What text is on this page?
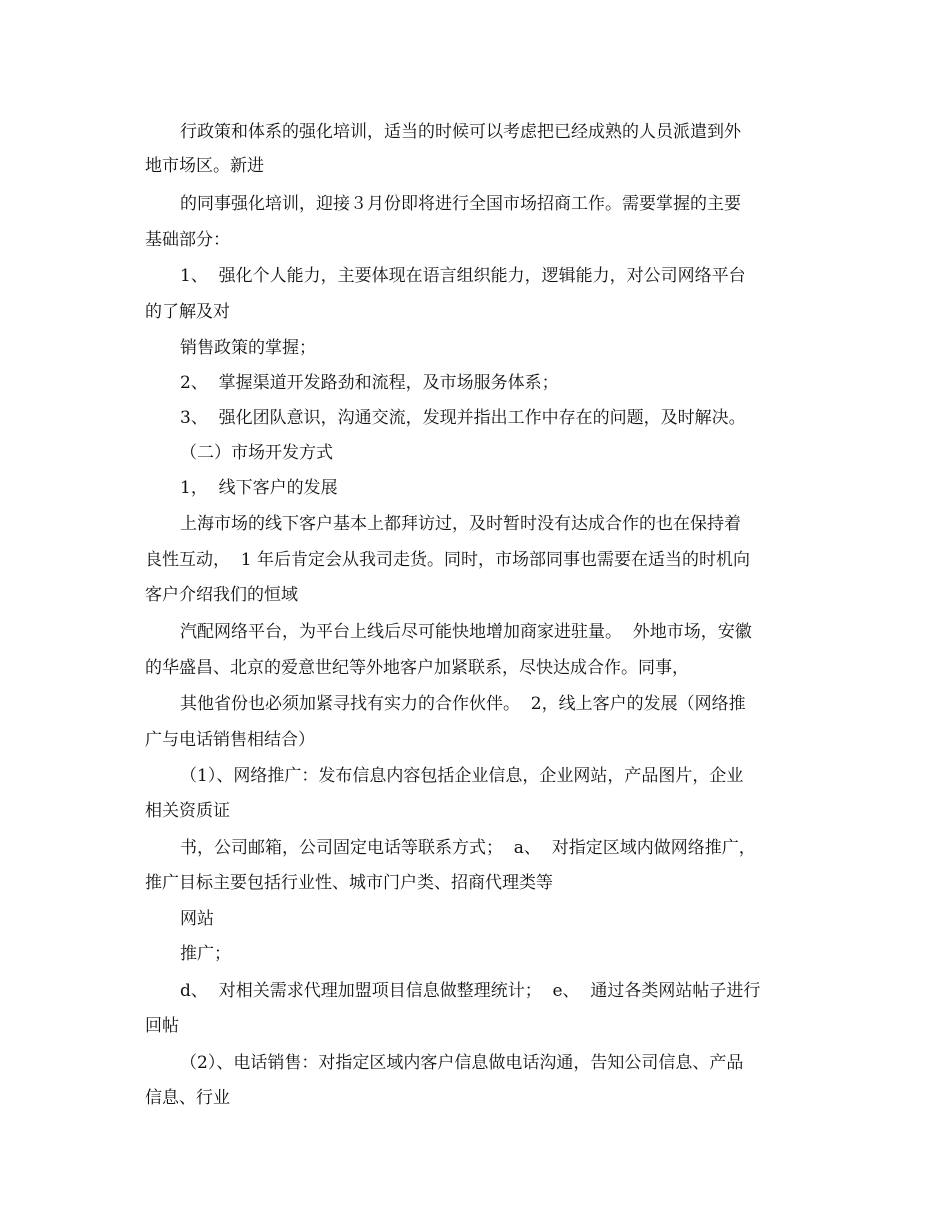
行政策和体系的强化培训，适当的时候可以考虑把已经成熟的人员派遣到外
地市场区。新进
的同事强化培训，迎接３月份即将进行全国市场招商工作。需要掌握的主要
基础部分：
1、  强化个人能力，主要体现在语言组织能力，逻辑能力，对公司网络平台
的了解及对
销售政策的掌握；
2、  掌握渠道开发路劲和流程，及市场服务体系；
3、  强化团队意识，沟通交流，发现并指出工作中存在的问题，及时解决。
（二）市场开发方式
1，  线下客户的发展
上海市场的线下客户基本上都拜访过，及时暂时没有达成合作的也在保持着
良性互动，  1 年后肯定会从我司走货。同时，市场部同事也需要在适当的时机向
客户介绍我们的恒域
汽配网络平台，为平台上线后尽可能快地增加商家进驻量。  外地市场，安徽
的华盛昌、北京的爱意世纪等外地客户加紧联系，尽快达成合作。同事，
其他省份也必须加紧寻找有实力的合作伙伴。  2，线上客户的发展（网络推
广与电话销售相结合）
（1）、网络推广：发布信息内容包括企业信息，企业网站，产品图片，企业
相关资质证
书，公司邮箱，公司固定电话等联系方式；  a、  对指定区域内做网络推广，
推广目标主要包括行业性、城市门户类、招商代理类等
网站
推广；
d、  对相关需求代理加盟项目信息做整理统计；  e、  通过各类网站帖子进行
回帖
（2）、电话销售：对指定区域内客户信息做电话沟通，告知公司信息、产品
信息、行业
